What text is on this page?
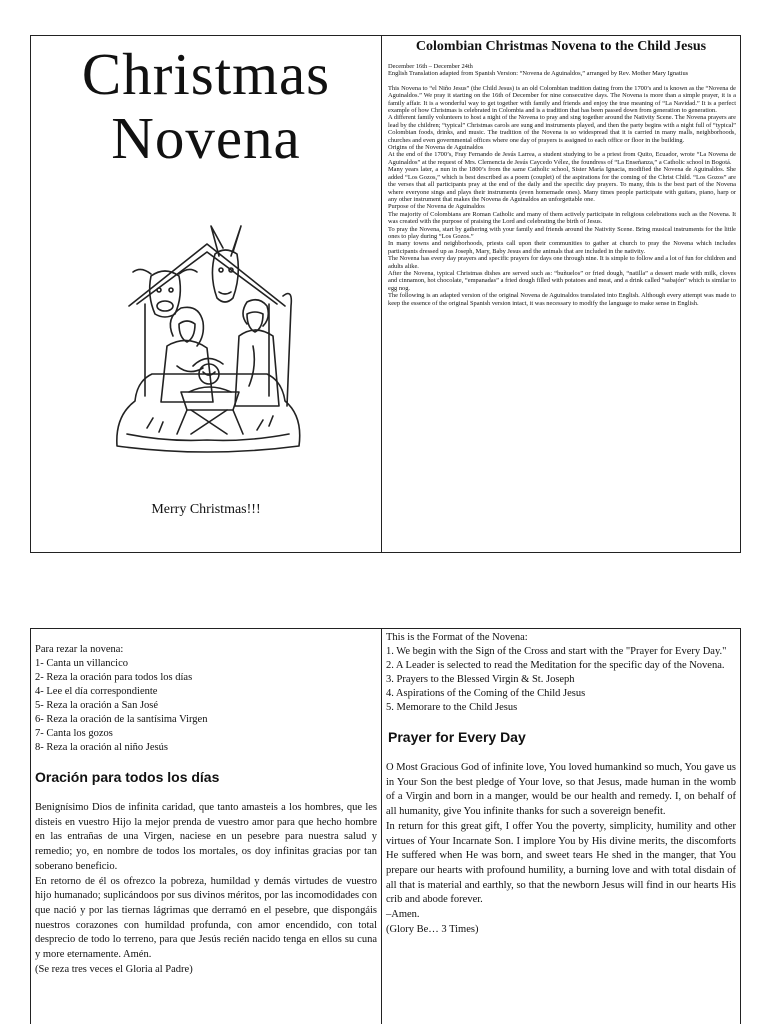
Christmas
Novena
Merry Christmas!!!
Colombian Christmas Novena to the Child Jesus

December 16th – December 24th

English Translation adapted from Spanish Version: “Novena de Aguinaldos,” arranged by Rev. Mother Mary Ignatius

This Novena to “el Niño Jesus” (the Child Jesus) is an old Colombian tradition dating from the 1700’s and is known as the “Novena de Aguinaldos.” We pray it starting on the 16th of December for nine consecutive days. The Novena is more than a simple prayer, it is a family affair. It is a wonderful way to get together with family and friends and enjoy the true meaning of “La Navidad.” It is a perfect example of how Christmas is celebrated in Colombia and is a tradition that has been passed down from generation to generation.

A different family volunteers to host a night of the Novena to pray and sing together around the Nativity Scene. The Novena prayers are lead by the children; “typical” Christmas carols are sung and instruments played, and then the party begins with a night full of “typical” Colombian foods, drinks, and music. The tradition of the Novena is so widespread that it is carried in many malls, neighborhoods, churches and even governmental offices where one day of prayers is assigned to each office or floor in the building.

Origins of the Novena de Aguinaldos

At the end of the 1700’s, Fray Fernando de Jesús Larrea, a student studying to be a priest from Quito, Ecuador, wrote “La Novena de Aguinaldos” at the request of Mrs. Clemencia de Jesús Caycedo Vélez, the foundress of “La Enseñanza,” a Catholic school in Bogotá.

Many years later, a nun in the 1800’s from the same Catholic school, Sister María Ignacia, modified the Novena de Aguinaldos. She added “Los Gozos,” which is best described as a poem (couplet) of the aspirations for the coming of the Christ Child. “Los Gozos” are the verses that all participants pray at the end of the daily and the specific day prayers. To many, this is the best part of the Novena where everyone sings and plays their instruments (even homemade ones). Many times people participate with guitars, piano, harp or any other instrument that makes the Novena de Aguinaldos an unforgettable one.

Purpose of the Novena de Aguinaldos

The majority of Colombians are Roman Catholic and many of them actively participate in religious celebrations such as the Novena. It was created with the purpose of praising the Lord and celebrating the birth of Jesus.

To pray the Novena, start by gathering with your family and friends around the Nativity Scene. Bring musical instruments for the little ones to play during “Los Gozos.”

In many towns and neighborhoods, priests call upon their communities to gather at church to pray the Novena which includes participants dressed up as Joseph, Mary, Baby Jesus and the animals that are included in the nativity.

The Novena has every day prayers and specific prayers for days one through nine. It is simple to follow and a lot of fun for children and adults alike.

After the Novena, typical Christmas dishes are served such as: “buñuelos” or fried dough, “natilla” a dessert made with milk, cloves and cinnamon, hot chocolate, “empanadas” a fried dough filled with potatoes and meat, and a drink called “sabajón” which is similar to egg nog.

The following is an adapted version of the original Novena de Aguinaldos translated into English. Although every attempt was made to keep the essence of the original Spanish version intact, it was necessary to modify the language to make sense in English.

Para rezar la novena:
1- Canta un villancico
2- Reza la oración para todos los días
4- Lee el día correspondiente
5- Reza la oración a San José
6- Reza la oración de la santísima Virgen
7- Canta los gozos
8- Reza la oración al niño Jesús
Oración para todos los días

Benignísimo Dios de infinita caridad, que tanto amasteis a los hombres, que les disteis en vuestro Hijo la mejor prenda de vuestro amor para que hecho hombre en las entrañas de una Virgen, naciese en un pesebre para nuestra salud y remedio; yo, en nombre de todos los mortales, os doy infinitas gracias por tan soberano beneficio.

En retorno de él os ofrezco la pobreza, humildad y demás virtudes de vuestro hijo humanado; suplicándoos por sus divinos méritos, por las incomodidades con que nació y por las tiernas lágrimas que derramó en el pesebre, que dispongáis nuestros corazones con humildad profunda, con amor encendido, con total desprecio de todo lo terreno, para que Jesús recién nacido tenga en ellos su cuna y more eternamente. Amén.

(Se reza tres veces el Gloria al Padre)

This is the Format of the Novena:
1. We begin with the Sign of the Cross and start with the "Prayer for Every Day."
2. A Leader is selected to read the Meditation for the specific day of the Novena.
3. Prayers to the Blessed Virgin & St. Joseph
4. Aspirations of the Coming of the Child Jesus
5. Memorare to the Child Jesus
Prayer for Every Day

O Most Gracious God of infinite love, You loved humankind so much, You gave us in Your Son the best pledge of Your love, so that Jesus, made human in the womb of a Virgin and born in a manger, would be our health and remedy. I, on behalf of all humanity, give You infinite thanks for such a sovereign benefit.

In return for this great gift, I offer You the poverty, simplicity, humility and other virtues of Your Incarnate Son. I implore You by His divine merits, the discomforts He suffered when He was born, and sweet tears He shed in the manger, that You prepare our hearts with profound humility, a burning love and with total disdain of all that is material and earthly, so that the newborn Jesus will find in our hearts His crib and abode forever.

–Amen.

(Glory Be… 3 Times)
